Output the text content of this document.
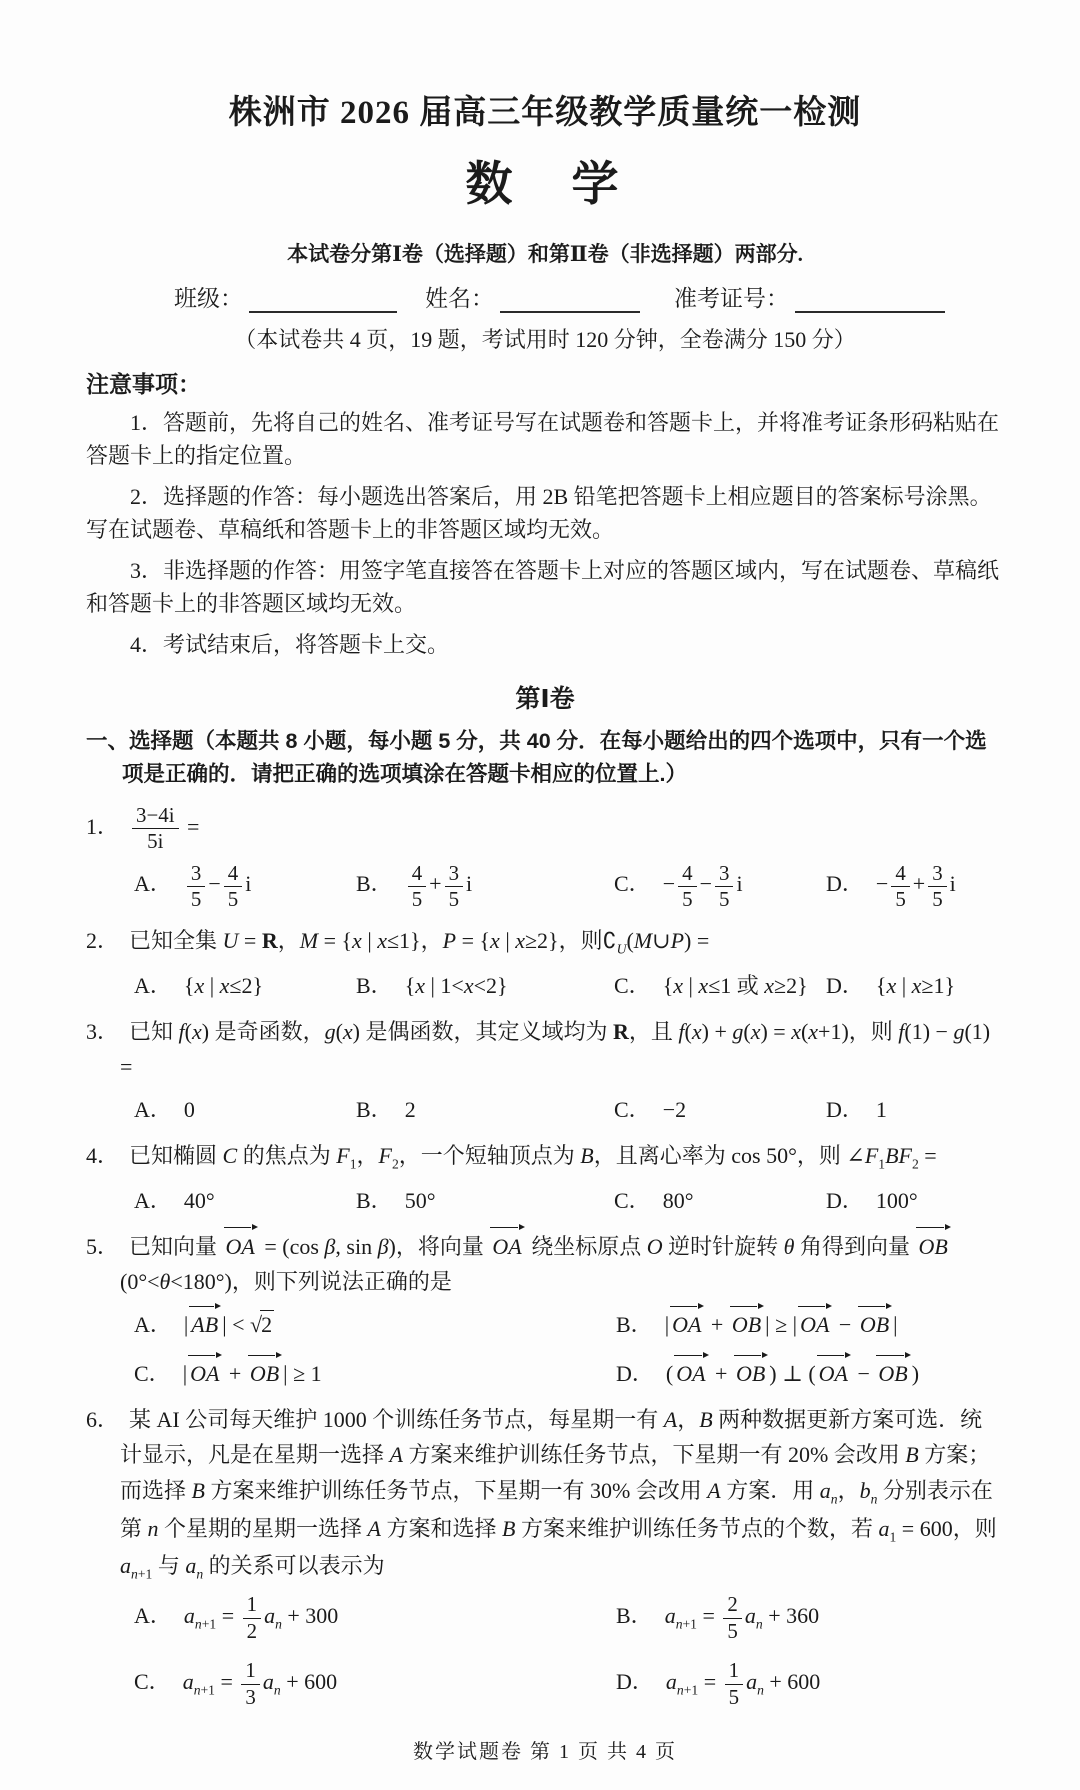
株洲市 2026 届高三年级教学质量统一检测
数　学
本试卷分第Ⅰ卷（选择题）和第Ⅱ卷（非选择题）两部分.
班级：	姓名：	准考证号：
（本试卷共 4 页，19 题，考试用时 120 分钟，全卷满分 150 分）
注意事项：

1．答题前，先将自己的姓名、准考证号写在试题卷和答题卡上，并将准考证条形码粘贴在答题卡上的指定位置。

2．选择题的作答：每小题选出答案后，用 2B 铅笔把答题卡上相应题目的答案标号涂黑。写在试题卷、草稿纸和答题卡上的非答题区域均无效。

3．非选择题的作答：用签字笔直接答在答题卡上对应的答题区域内，写在试题卷、草稿纸和答题卡上的非答题区域均无效。

4．考试结束后，将答题卡上交。

第Ⅰ卷
一、选择题（本题共 8 小题，每小题 5 分，共 40 分．在每小题给出的四个选项中，只有一个选项是正确的．请把正确的选项填涂在答题卡相应的位置上.）
1． $\frac{3-4i}{5i}$ =
A． $\frac{3}{5} - \frac{4}{5}$ i	B． $\frac{4}{5} + \frac{3}{5}$ i	C． − $\frac{4}{5} - \frac{3}{5}$ i	D． − $\frac{4}{5} + \frac{3}{5}$ i
2． 已知全集 U = R，M = {x | x≤1}，P = {x | x≥2}，则$∁_U(M\cup P)$ =
A． {x | x≤2}	B． {x | 1<x<2}	C． {x | x≤1 或 x≥2} D． {x | x≥1}
3． 已知 f(x) 是奇函数，g(x) 是偶函数，其定义域均为 R，且 f(x) + g(x) = x(x+1)，则 f(1) − g(1) =
A． 0	B． 2	C． −2	D． 1
4． 已知椭圆 C 的焦点为 $F_1$，$F_2$，一个短轴顶点为 B，且离心率为 cos 50°，则 $\angle F_1BF_2$ =
A． 40°	B． 50°	C． 80°	D． 100°
5． 已知向量 OA = (cos β, sin β)，将向量 OA 绕坐标原点 O 逆时针旋转 θ 角得到向量 OB(0°<θ<180°)，则下列说法正确的是
A． | AB | < √2	B． | OA + OB | ≥ | OA − OB |
C． | OA + OB | ≥ 1	D． ( OA + OB ) ⊥ ( OA − OB )
6． 某 AI 公司每天维护 1000 个训练任务节点，每星期一有 A，B 两种数据更新方案可选．统计显示，凡是在星期一选择 A 方案来维护训练任务节点，下星期一有 20% 会改用 B 方案；而选择 B 方案来维护训练任务节点，下星期一有 30% 会改用 A 方案．用 $a_n$，$b_n$ 分别表示在第 n 个星期的星期一选择 A 方案和选择 B 方案来维护训练任务节点的个数，若 $a_1 = 600$，则 $a_{n+1}$ 与 $a_n$ 的关系可以表示为
A． $a_{n+1} = \frac{1}{2} a_n + 300$	B． $a_{n+1} = \frac{2}{5} a_n + 360$
C． $a_{n+1} = \frac{1}{3} a_n + 600$	D． $a_{n+1} = \frac{1}{5} a_n + 600$
数学试题卷 第 1 页 共 4 页
